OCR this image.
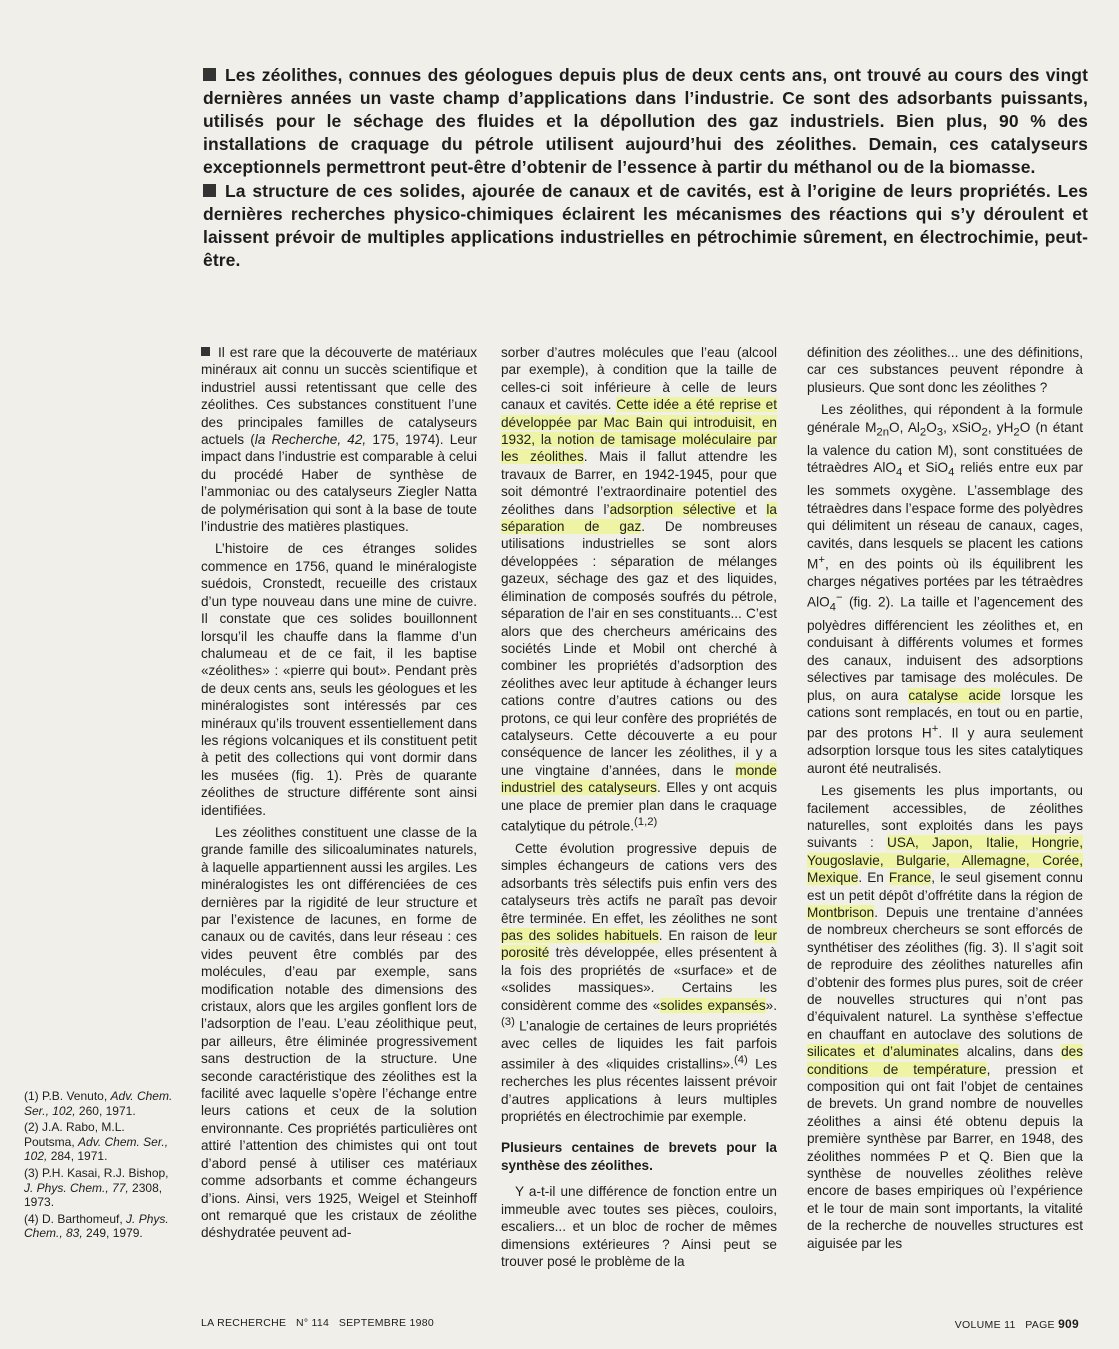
Les zéolithes, connues des géologues depuis plus de deux cents ans, ont trouvé au cours des vingt dernières années un vaste champ d’applications dans l’industrie. Ce sont des adsorbants puissants, utilisés pour le séchage des fluides et la dépollution des gaz industriels. Bien plus, 90 % des installations de craquage du pétrole utilisent aujourd’hui des zéolithes. Demain, ces catalyseurs exceptionnels permettront peut-être d’obtenir de l’essence à partir du méthanol ou de la biomasse.

La structure de ces solides, ajourée de canaux et de cavités, est à l’origine de leurs propriétés. Les dernières recherches physico-chimiques éclairent les mécanismes des réactions qui s’y déroulent et laissent prévoir de multiples applications industrielles en pétrochimie sûrement, en électrochimie, peut-être.

Il est rare que la découverte de matériaux minéraux ait connu un succès scientifique et industriel aussi retentissant que celle des zéolithes. Ces substances constituent l’une des principales familles de catalyseurs actuels (la Recherche, 42, 175, 1974). Leur impact dans l’industrie est comparable à celui du procédé Haber de synthèse de l’ammoniac ou des catalyseurs Ziegler Natta de polymérisation qui sont à la base de toute l’industrie des matières plastiques.

L’histoire de ces étranges solides commence en 1756, quand le minéralogiste suédois, Cronstedt, recueille des cristaux d’un type nouveau dans une mine de cuivre. Il constate que ces solides bouillonnent lorsqu’il les chauffe dans la flamme d’un chalumeau et de ce fait, il les baptise «zéolithes» : «pierre qui bout». Pendant près de deux cents ans, seuls les géologues et les minéralogistes sont intéressés par ces minéraux qu’ils trouvent essentiellement dans les régions volcaniques et ils constituent petit à petit des collections qui vont dormir dans les musées (fig. 1). Près de quarante zéolithes de structure différente sont ainsi identifiées.

Les zéolithes constituent une classe de la grande famille des silicoaluminates naturels, à laquelle appartiennent aussi les argiles. Les minéralogistes les ont différenciées de ces dernières par la rigidité de leur structure et par l’existence de lacunes, en forme de canaux ou de cavités, dans leur réseau : ces vides peuvent être comblés par des molécules, d’eau par exemple, sans modification notable des dimensions des cristaux, alors que les argiles gonflent lors de l’adsorption de l’eau. L’eau zéolithique peut, par ailleurs, être éliminée progressivement sans destruction de la structure. Une seconde caractéristique des zéolithes est la facilité avec laquelle s’opère l’échange entre leurs cations et ceux de la solution environnante. Ces propriétés particulières ont attiré l’attention des chimistes qui ont tout d’abord pensé à utiliser ces matériaux comme adsorbants et comme échangeurs d’ions. Ainsi, vers 1925, Weigel et Steinhoff ont remarqué que les cristaux de zéolithe déshydratée peuvent ad-

sorber d’autres molécules que l’eau (alcool par exemple), à condition que la taille de celles-ci soit inférieure à celle de leurs canaux et cavités. Cette idée a été reprise et développée par Mac Bain qui introduisit, en 1932, la notion de tamisage moléculaire par les zéolithes. Mais il fallut attendre les travaux de Barrer, en 1942-1945, pour que soit démontré l’extraordinaire potentiel des zéolithes dans l’adsorption sélective et la séparation de gaz. De nombreuses utilisations industrielles se sont alors développées : séparation de mélanges gazeux, séchage des gaz et des liquides, élimination de composés soufrés du pétrole, séparation de l’air en ses constituants... C’est alors que des chercheurs américains des sociétés Linde et Mobil ont cherché à combiner les propriétés d’adsorption des zéolithes avec leur aptitude à échanger leurs cations contre d’autres cations ou des protons, ce qui leur confère des propriétés de catalyseurs. Cette découverte a eu pour conséquence de lancer les zéolithes, il y a une vingtaine d’années, dans le monde industriel des catalyseurs. Elles y ont acquis une place de premier plan dans le craquage catalytique du pétrole.$^{(1,2)}$

Cette évolution progressive depuis de simples échangeurs de cations vers des adsorbants très sélectifs puis enfin vers des catalyseurs très actifs ne paraît pas devoir être terminée. En effet, les zéolithes ne sont pas des solides habituels. En raison de leur porosité très développée, elles présentent à la fois des propriétés de «surface» et de «solides massiques». Certains les considèrent comme des «solides expansés».$^{(3)}$ L’analogie de certaines de leurs propriétés avec celles de liquides les fait parfois assimiler à des «liquides cristallins».$^{(4)}$ Les recherches les plus récentes laissent prévoir d’autres applications à leurs multiples propriétés en électrochimie par exemple.

Plusieurs centaines de brevets pour la synthèse des zéolithes.

Y a-t-il une différence de fonction entre un immeuble avec toutes ses pièces, couloirs, escaliers... et un bloc de rocher de mêmes dimensions extérieures ? Ainsi peut se trouver posé le problème de la

définition des zéolithes... une des définitions, car ces substances peuvent répondre à plusieurs. Que sont donc les zéolithes ?

Les zéolithes, qui répondent à la formule générale $M_{2n}O$, $Al_2O_3$, xSiO$_2$, $yH_2O$ (n étant la valence du cation M), sont constituées de tétraèdres AlO$_4$ et SiO$_4$ reliés entre eux par les sommets oxygène. L’assemblage des tétraèdres dans l’espace forme des polyèdres qui délimitent un réseau de canaux, cages, cavités, dans lesquels se placent les cations M+, en des points où ils équilibrent les charges négatives portées par les tétraèdres AlO$_4$− (fig. 2). La taille et l’agencement des polyèdres différencient les zéolithes et, en conduisant à différents volumes et formes des canaux, induisent des adsorptions sélectives par tamisage des molécules. De plus, on aura catalyse acide lorsque les cations sont remplacés, en tout ou en partie, par des protons H+. Il y aura seulement adsorption lorsque tous les sites catalytiques auront été neutralisés.

Les gisements les plus importants, ou facilement accessibles, de zéolithes naturelles, sont exploités dans les pays suivants : USA, Japon, Italie, Hongrie, Yougoslavie, Bulgarie, Allemagne, Corée, Mexique. En France, le seul gisement connu est un petit dépôt d’offrétite dans la région de Montbrison. Depuis une trentaine d’années de nombreux chercheurs se sont efforcés de synthétiser des zéolithes (fig. 3). Il s’agit soit de reproduire des zéolithes naturelles afin d’obtenir des formes plus pures, soit de créer de nouvelles structures qui n’ont pas d’équivalent naturel. La synthèse s’effectue en chauffant en autoclave des solutions de silicates et d’aluminates alcalins, dans des conditions de température, pression et composition qui ont fait l’objet de centaines de brevets. Un grand nombre de nouvelles zéolithes a ainsi été obtenu depuis la première synthèse par Barrer, en 1948, des zéolithes nommées P et Q. Bien que la synthèse de nouvelles zéolithes relève encore de bases empiriques où l’expérience et le tour de main sont importants, la vitalité de la recherche de nouvelles structures est aiguisée par les

(1) P.B. Venuto, Adv. Chem. Ser., 102, 260, 1971.
(2) J.A. Rabo, M.L. Poutsma, Adv. Chem. Ser., 102, 284, 1971.
(3) P.H. Kasai, R.J. Bishop, J. Phys. Chem., 77, 2308, 1973.
(4) D. Barthomeuf, J. Phys. Chem., 83, 249, 1979.
LA RECHERCHE   N° 114   SEPTEMBRE 1980	VOLUME 11   PAGE 909
